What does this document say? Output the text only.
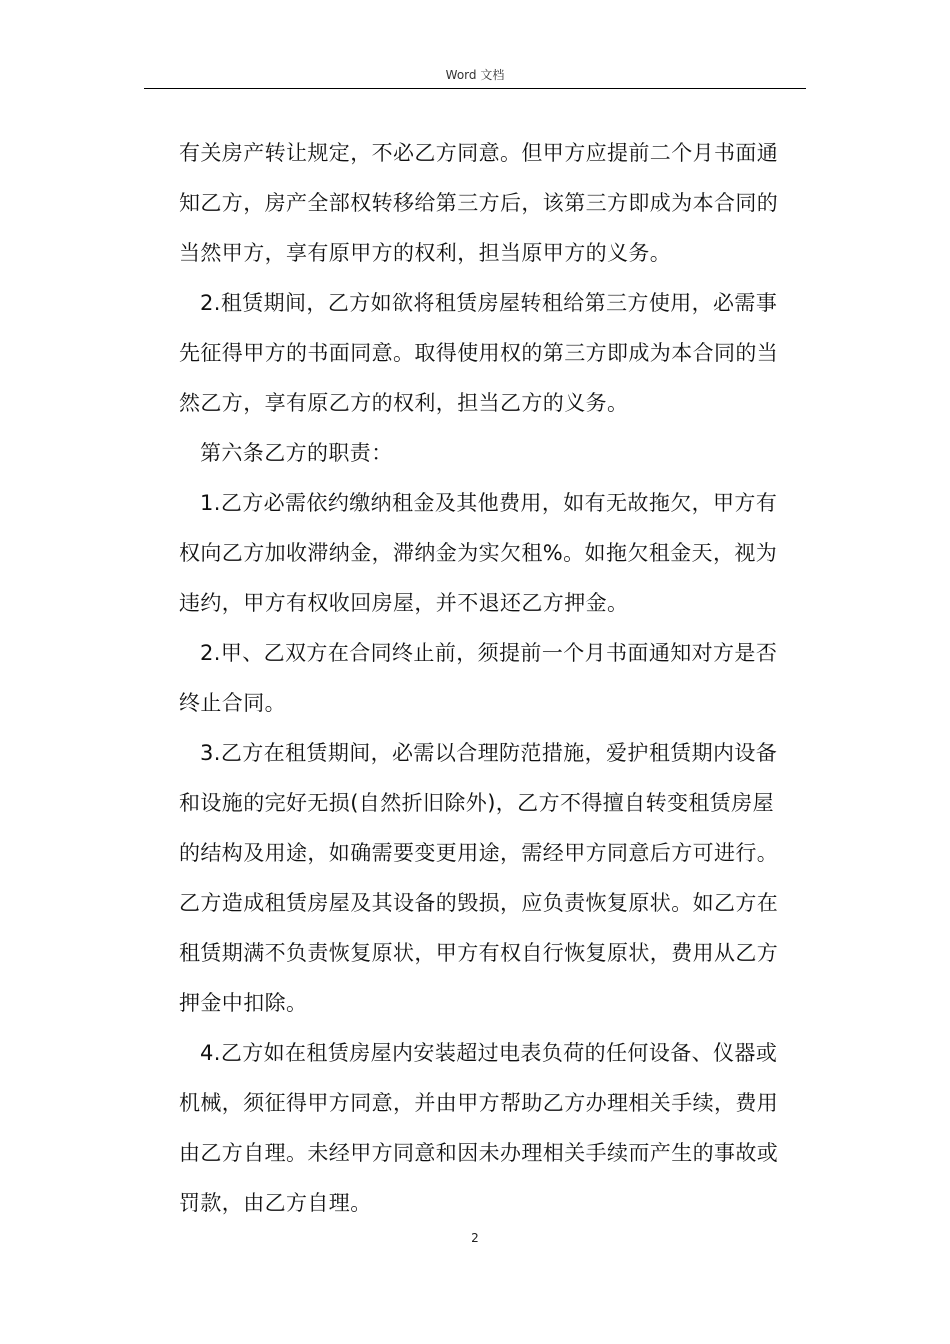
Word 文档
有关房产转让规定，不必乙方同意。但甲方应提前二个月书面通
知乙方，房产全部权转移给第三方后，该第三方即成为本合同的
当然甲方，享有原甲方的权利，担当原甲方的义务。
2.租赁期间，乙方如欲将租赁房屋转租给第三方使用，必需事
先征得甲方的书面同意。取得使用权的第三方即成为本合同的当
然乙方，享有原乙方的权利，担当乙方的义务。
第六条乙方的职责：
1.乙方必需依约缴纳租金及其他费用，如有无故拖欠，甲方有
权向乙方加收滞纳金，滞纳金为实欠租%。如拖欠租金天，视为
违约，甲方有权收回房屋，并不退还乙方押金。
2.甲、乙双方在合同终止前，须提前一个月书面通知对方是否
终止合同。
3.乙方在租赁期间，必需以合理防范措施，爱护租赁期内设备
和设施的完好无损(自然折旧除外)，乙方不得擅自转变租赁房屋
的结构及用途，如确需要变更用途，需经甲方同意后方可进行。
乙方造成租赁房屋及其设备的毁损，应负责恢复原状。如乙方在
租赁期满不负责恢复原状，甲方有权自行恢复原状，费用从乙方
押金中扣除。
4.乙方如在租赁房屋内安装超过电表负荷的任何设备、仪器或
机械，须征得甲方同意，并由甲方帮助乙方办理相关手续，费用
由乙方自理。未经甲方同意和因未办理相关手续而产生的事故或
罚款，由乙方自理。
2
